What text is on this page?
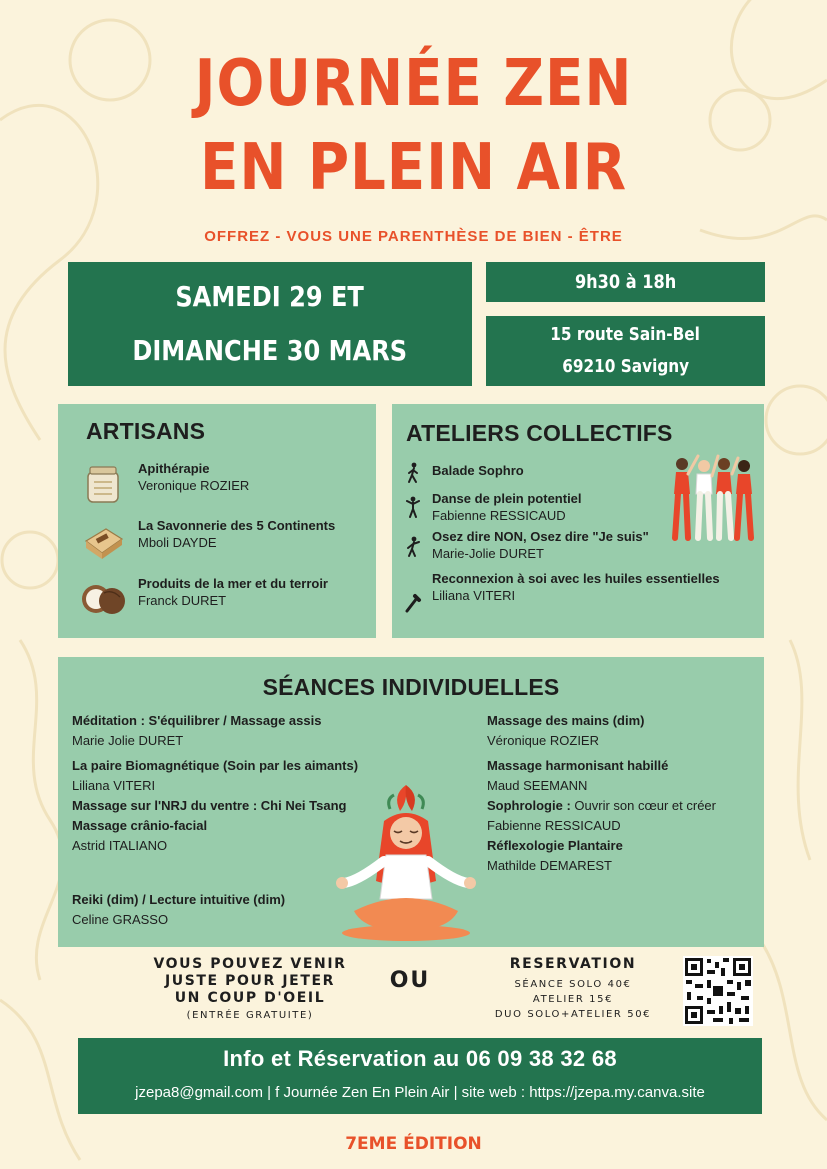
JOURNÉE ZEN
EN PLEIN AIR
OFFREZ - VOUS UNE PARENTHÈSE DE BIEN - ÊTRE
SAMEDI 29 ET
DIMANCHE 30 MARS
9h30 à 18h
15 route Sain-Bel
69210 Savigny
ARTISANS
Apithérapie
Veronique ROZIER
La Savonnerie des 5 Continents
Mboli DAYDE
Produits de la mer et du terroir
Franck DURET
ATELIERS COLLECTIFS
Balade Sophro
Danse de plein potentiel
Fabienne RESSICAUD
Osez dire NON, Osez dire "Je suis"
Marie-Jolie DURET
Reconnexion à soi avec les huiles essentielles
Liliana VITERI
SÉANCES INDIVIDUELLES
Méditation : S'équilibrer / Massage assis
Marie Jolie DURET
La paire Biomagnétique (Soin par les aimants)
Liliana VITERI
Massage sur l'NRJ du ventre : Chi Nei Tsang
Massage crânio-facial
Astrid ITALIANO
Reiki (dim) / Lecture intuitive (dim)
Celine GRASSO
Massage des mains (dim)
Véronique ROZIER
Massage harmonisant habillé
Maud SEEMANN
Sophrologie : Ouvrir son cœur et créer
Fabienne RESSICAUD
Réflexologie Plantaire
Mathilde DEMAREST
VOUS POUVEZ VENIR
JUSTE POUR JETER
UN COUP D'OEIL
(ENTRÉE GRATUITE)
OU
RESERVATION
SÉANCE SOLO 40€
ATELIER 15€
DUO SOLO+ATELIER 50€
Info et Réservation au 06 09 38 32 68
jzepa8@gmail.com | f Journée Zen En Plein Air | site web : https://jzepa.my.canva.site
7EME ÉDITION
